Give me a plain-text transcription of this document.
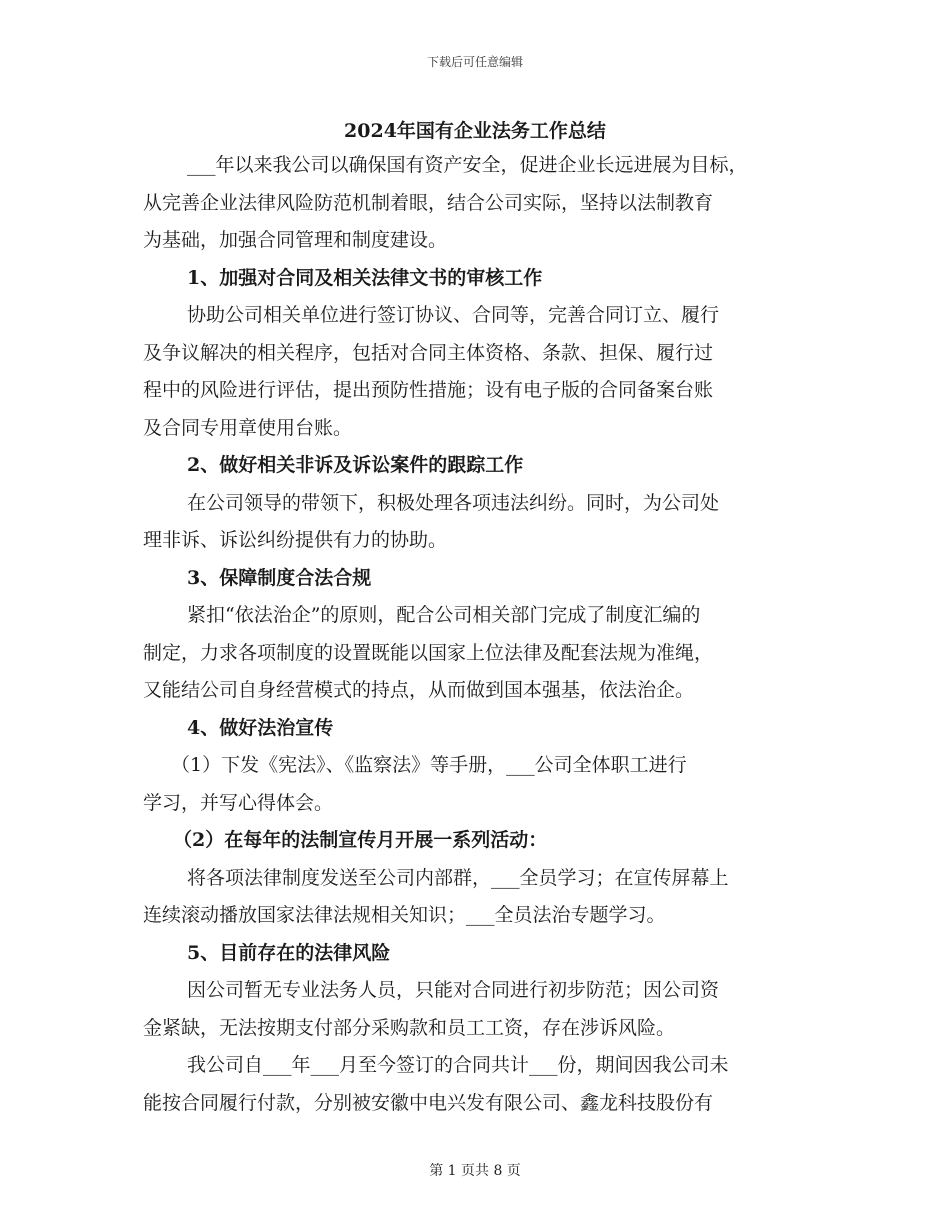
下载后可任意编辑
2024年国有企业法务工作总结
___年以来我公司以确保国有资产安全，促进企业长远进展为目标，
从完善企业法律风险防范机制着眼，结合公司实际，坚持以法制教育
为基础，加强合同管理和制度建设。
1、加强对合同及相关法律文书的审核工作
协助公司相关单位进行签订协议、合同等，完善合同订立、履行
及争议解决的相关程序，包括对合同主体资格、条款、担保、履行过
程中的风险进行评估，提出预防性措施；设有电子版的合同备案台账
及合同专用章使用台账。
2、做好相关非诉及诉讼案件的跟踪工作
在公司领导的带领下，积极处理各项违法纠纷。同时，为公司处
理非诉、诉讼纠纷提供有力的协助。
3、保障制度合法合规
紧扣“依法治企”的原则，配合公司相关部门完成了制度汇编的
制定，力求各项制度的设置既能以国家上位法律及配套法规为准绳，
又能结公司自身经营模式的持点，从而做到国本强基，依法治企。
4、做好法治宣传
（1）下发《宪法》、《监察法》等手册，___公司全体职工进行
学习，并写心得体会。
（2）在每年的法制宣传月开展一系列活动：
将各项法律制度发送至公司内部群，___全员学习；在宣传屏幕上
连续滚动播放国家法律法规相关知识；___全员法治专题学习。
5、目前存在的法律风险
因公司暂无专业法务人员，只能对合同进行初步防范；因公司资
金紧缺，无法按期支付部分采购款和员工工资，存在涉诉风险。
我公司自___年___月至今签订的合同共计___份，期间因我公司未
能按合同履行付款，分别被安徽中电兴发有限公司、鑫龙科技股份有
第 1 页共 8 页
